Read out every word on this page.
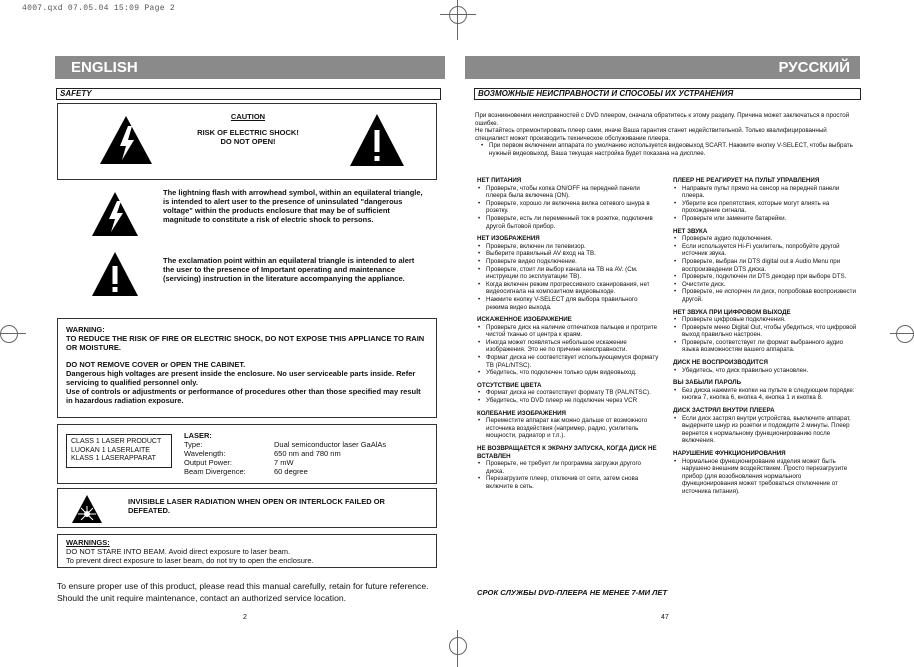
4007.qxd 07.05.04 15:09 Page 2
ENGLISH	РУССКИЙ
SAFETY
CAUTION
RISK OF ELECTRIC SHOCK!
DO NOT OPEN!
The lightning flash with arrowhead symbol, within an equilateral triangle, is intended to alert user to the presence of uninsulated "dangerous voltage" within the products enclosure that may be of sufficient magnitude to constitute a risk of electric shock to persons.
The exclamation point within an equilateral triangle is intended to alert the user to the presence of Important operating and maintenance (servicing) instruction in the literature accompanying the appliance.
WARNING:
TO REDUCE THE RISK OF FIRE OR ELECTRIC SHOCK, DO NOT EXPOSE THIS APPLIANCE TO RAIN OR MOISTURE.
DO NOT REMOVE COVER or OPEN THE CABINET.
Dangerous high voltages are present inside the enclosure. No user serviceable parts inside. Refer servicing to qualified personnel only.
Use of controls or adjustments or performance of procedures other than those specified may result in hazardous radiation exposure.
CLASS 1 LASER PRODUCT
LUOKAN 1 LASERLAITE
KLASS 1 LASERAPPARAT
LASER:
Type:	Dual semiconductor laser GaAlAs
Wavelength:	650 nm and 780 nm
Output Power:	7 mW
Beam Divergence:	60 degree
INVISIBLE LASER RADIATION WHEN OPEN OR INTERLOCK FAILED OR DEFEATED.
WARNINGS:
DO NOT STARE INTO BEAM. Avoid direct exposure to laser beam.
To prevent direct exposure to laser beam, do not try to open the enclosure.
To ensure proper use of this product, please read this manual carefully, retain for future reference. Should the unit require maintenance, contact an authorized service location.
2
ВОЗМОЖНЫЕ НЕИСПРАВНОСТИ И СПОСОБЫ ИХ УСТРАНЕНИЯ
При возникновении неисправностей с DVD плеером, сначала обратитесь к этому разделу. Причина может заключаться в простой ошибке.
Не пытайтесь отремонтировать плеер сами, иначе Ваша гарантия станет недействительной. Только квалифицированный специалист может производить техническое обслуживание плеера.
• При первом включении аппарата по умолчанию используется видеовыход SCART. Нажмите кнопку V-SELECT, чтобы выбрать нужный видеовыход. Ваша текущая настройка будет показана на дисплее.
НЕТ ПИТАНИЯ
• Проверьте, чтобы копка ON/OFF на передней панели плеера была включена (ON).
• Проверьте, хорошо ли включена вилка сетевого шнура в розетку.
• Проверьте, есть ли переменный ток в розетке, подключив другой бытовой прибор.
НЕТ ИЗОБРАЖЕНИЯ
• Проверьте, включен ли телевизор.
• Выберите правильный AV вход на ТВ.
• Проверьте видео подключение.
• Проверьте, стоит ли выбор канала на ТВ на AV. (См. инструкции по эксплуатации ТВ).
• Когда включен режим прогрессивного сканирования, нет видеосигнала на композитном видеовыходе.
• Нажмите кнопку V-SELECT для выбора правильного режима видео выхода.
ИСКАЖЕННОЕ ИЗОБРАЖЕНИЕ
• Проверьте диск на наличие отпечатков пальцев и протрите чистой тканью от центра к краям.
• Иногда может появляться небольшое искажение изображения. Это не по причине неисправности.
• Формат диска не соответствует использующемуся формату ТВ (PAL/NTSC).
• Убедитесь, что подключен только один видеовыход.
ОТСУТСТВИЕ ЦВЕТА
• Формат диска не соответствует формату ТВ (PAL/NTSC).
• Убедитесь, что DVD плеер не подключен через VCR
КОЛЕБАНИЕ ИЗОБРАЖЕНИЯ
• Переместите аппарат как можно дальше от возможного источника воздействия (например, радио, усилитель мощности, радиатор и т.п.).
НЕ ВОЗВРАЩАЕТСЯ К ЭКРАНУ ЗАПУСКА, КОГДА ДИСК НЕ ВСТАВЛЕН
• Проверьте, не требует ли программа загрузки другого диска.
• Перезагрузите плеер, отключив от сети, затем снова включите в сеть.
ПЛЕЕР НЕ РЕАГИРУЕТ НА ПУЛЬТ УПРАВЛЕНИЯ
• Направьте пульт прямо на сенсор на передней панели плеера.
• Уберите все препятствия, которые могут влиять на прохождение сигнала.
• Проверьте или замените батарейки.
НЕТ ЗВУКА
• Проверьте аудио подключения.
• Если используется Hi-Fi усилитель, попробуйте другой источник звука.
• Проверьте, выбран ли DTS digital out в Audio Menu при воспроизведении DTS диска.
• Проверьте, подключен ли DTS декодер при выборе DTS.
• Очистите диск.
• Проверьте, не испорчен ли диск, попробовав воспроизвести другой.
НЕТ ЗВУКА ПРИ ЦИФРОВОМ ВЫХОДЕ
• Проверьте цифровые подключения.
• Проверьте меню Digital Out, чтобы убедиться, что цифровой выход правильно настроен.
• Проверьте, соответствует ли формат выбранного аудио языка возможностям вашего аппарата.
ДИСК НЕ ВОСПРОИЗВОДИТСЯ
• Убедитесь, что диск правильно установлен.
ВЫ ЗАБЫЛИ ПАРОЛЬ
• Без диска нажмите кнопки на пульте в следующем порядке: кнопка 7, кнопка 6, кнопка 4, кнопка 1 и кнопка 8.
ДИСК ЗАСТРЯЛ ВНУТРИ ПЛЕЕРА
• Если диск застрял внутри устройства, выключите аппарат, выдерните шнур из розетки и подождите 2 минуты. Плеер вернется к нормальному функционированию после включения.
НАРУШЕНИЕ ФУНКЦИОНИРОВАНИЯ
• Нормальное функционирование изделия может быть нарушено внешним воздействием. Просто перезагрузите прибор (для возобновления нормального функционирования может требоваться отключение от источника питания).
СРОК СЛУЖБЫ DVD-ПЛЕЕРА НЕ МЕНЕЕ 7-МИ ЛЕТ
47
